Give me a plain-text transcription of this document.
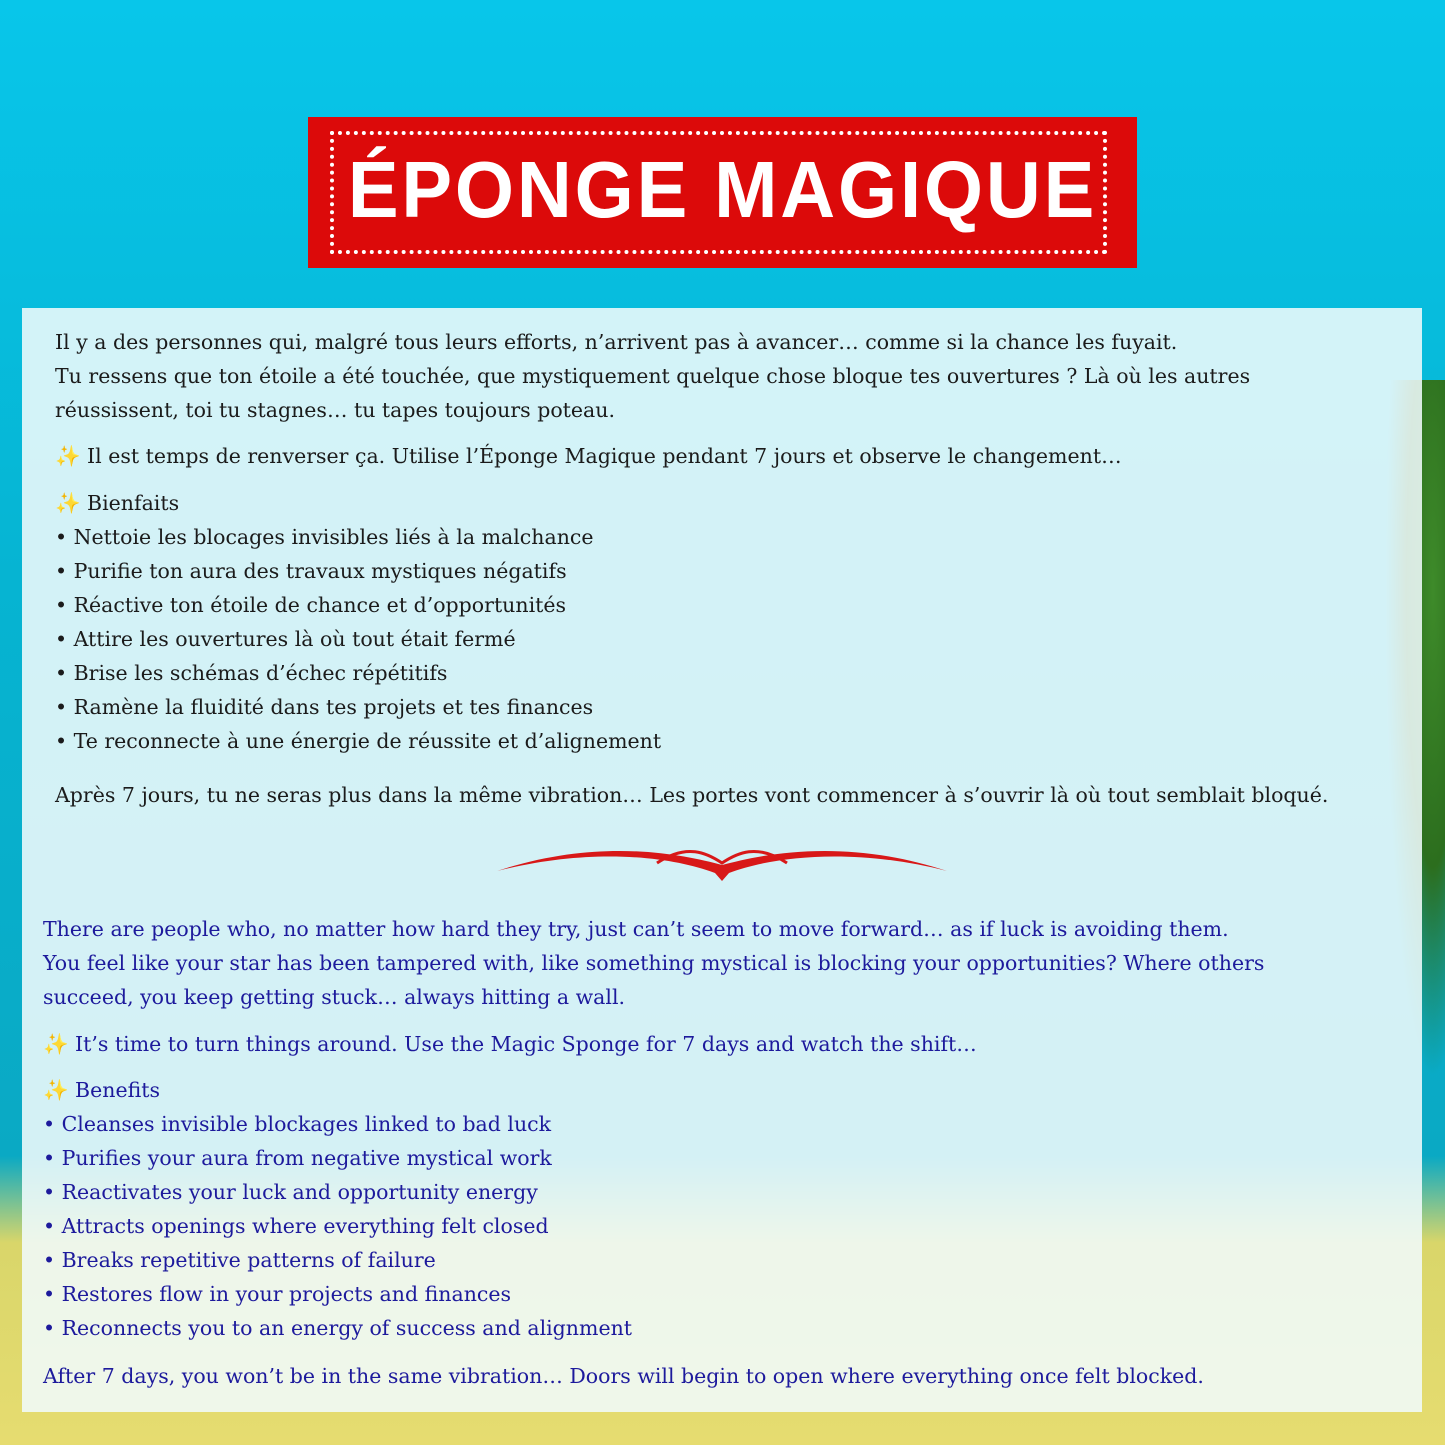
ÉPONGE MAGIQUE
Il y a des personnes qui, malgré tous leurs efforts, n’arrivent pas à avancer… comme si la chance les fuyait.
Tu ressens que ton étoile a été touchée, que mystiquement quelque chose bloque tes ouvertures ? Là où les autres
réussissent, toi tu stagnes… tu tapes toujours poteau.
✨ Il est temps de renverser ça. Utilise l’Éponge Magique pendant 7 jours et observe le changement…
✨ Bienfaits
• Nettoie les blocages invisibles liés à la malchance
• Purifie ton aura des travaux mystiques négatifs
• Réactive ton étoile de chance et d’opportunités
• Attire les ouvertures là où tout était fermé
• Brise les schémas d’échec répétitifs
• Ramène la fluidité dans tes projets et tes finances
• Te reconnecte à une énergie de réussite et d’alignement
Après 7 jours, tu ne seras plus dans la même vibration… Les portes vont commencer à s’ouvrir là où tout semblait bloqué.
There are people who, no matter how hard they try, just can’t seem to move forward… as if luck is avoiding them.
You feel like your star has been tampered with, like something mystical is blocking your opportunities? Where others
succeed, you keep getting stuck… always hitting a wall.
✨ It’s time to turn things around. Use the Magic Sponge for 7 days and watch the shift…
✨ Benefits
• Cleanses invisible blockages linked to bad luck
• Purifies your aura from negative mystical work
• Reactivates your luck and opportunity energy
• Attracts openings where everything felt closed
• Breaks repetitive patterns of failure
• Restores flow in your projects and finances
• Reconnects you to an energy of success and alignment
After 7 days, you won’t be in the same vibration… Doors will begin to open where everything once felt blocked.
